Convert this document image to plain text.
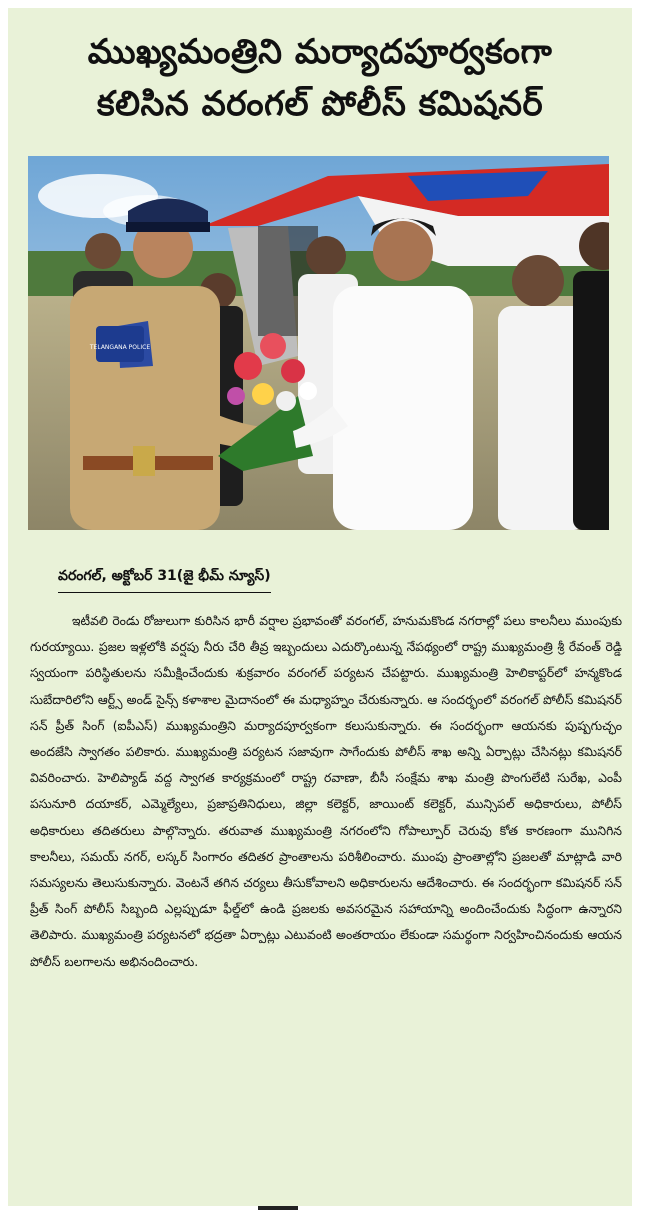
ముఖ్యమంత్రిని మర్యాదపూర్వకంగా
కలిసిన వరంగల్ పోలీస్ కమిషనర్
TELANGANA POLICE
వరంగల్, అక్టోబర్ 31(జై భీమ్ న్యూస్)

ఇటీవలి రెండు రోజులుగా కురిసిన భారీ వర్షాల ప్రభావంతో వరంగల్, హనుమకొండ నగరాల్లో పలు కాలనీలు ముంపుకు గురయ్యాయి. ప్రజల ఇళ్లలోకి వర్షపు నీరు చేరి తీవ్ర ఇబ్బందులు ఎదుర్కొంటున్న నేపథ్యంలో రాష్ట్ర ముఖ్యమంత్రి శ్రీ రేవంత్ రెడ్డి స్వయంగా పరిస్థితులను సమీక్షించేందుకు శుక్రవారం వరంగల్ పర్యటన చేపట్టారు. ముఖ్యమంత్రి హెలికాప్టర్‌లో హన్మకొండ సుబేదారిలోని ఆర్ట్స్ అండ్ సైన్స్ కళాశాల మైదానంలో ఈ మధ్యాహ్నం చేరుకున్నారు. ఆ సందర్భంలో వరంగల్ పోలీస్ కమిషనర్ సన్ ప్రీత్ సింగ్ (ఐపీఎస్) ముఖ్యమంత్రిని మర్యాదపూర్వకంగా కలుసుకున్నారు. ఈ సందర్భంగా ఆయనకు పుష్పగుచ్ఛం అందజేసి స్వాగతం పలికారు. ముఖ్యమంత్రి పర్యటన సజావుగా సాగేందుకు పోలీస్ శాఖ అన్ని ఏర్పాట్లు చేసినట్లు కమిషనర్ వివరించారు. హెలిప్యాడ్ వద్ద స్వాగత కార్యక్రమంలో రాష్ట్ర రవాణా, బీసీ సంక్షేమ శాఖ మంత్రి పొంగులేటి సురేఖ, ఎంపీ పసునూరి దయాకర్, ఎమ్మెల్యేలు, ప్రజాప్రతినిధులు, జిల్లా కలెక్టర్, జాయింట్ కలెక్టర్, మున్సిపల్ అధికారులు, పోలీస్ అధికారులు తదితరులు పాల్గొన్నారు. తరువాత ముఖ్యమంత్రి నగరంలోని గోపాల్పూర్ చెరువు కోత కారణంగా మునిగిన కాలనీలు, సమయ్ నగర్, లస్కర్ సింగారం తదితర ప్రాంతాలను పరిశీలించారు. ముంపు ప్రాంతాల్లోని ప్రజలతో మాట్లాడి వారి సమస్యలను తెలుసుకున్నారు. వెంటనే తగిన చర్యలు తీసుకోవాలని అధికారులను ఆదేశించారు. ఈ సందర్భంగా కమిషనర్ సన్ ప్రీత్ సింగ్ పోలీస్ సిబ్బంది ఎల్లప్పుడూ ఫీల్డ్‌లో ఉండి ప్రజలకు అవసరమైన సహాయాన్ని అందించేందుకు సిద్ధంగా ఉన్నారని తెలిపారు. ముఖ్యమంత్రి పర్యటనలో భద్రతా ఏర్పాట్లు ఎటువంటి అంతరాయం లేకుండా సమర్థంగా నిర్వహించినందుకు ఆయన పోలీస్ బలగాలను అభినందించారు.
